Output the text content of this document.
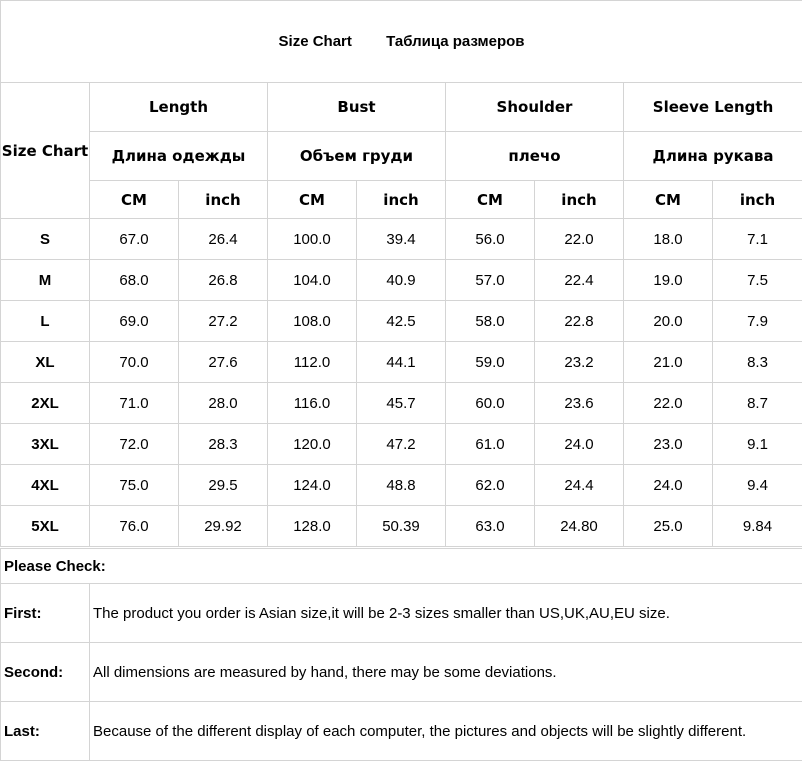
Size Chart Таблица размеров								
Size Chart	Length		Bust		Shoulder		Sleeve Length	
	Длина одежды		Объем груди		плечо		Длина рукава	
	CM	inch	CM	inch	CM	inch	CM	inch
S	67.0	26.4	100.0	39.4	56.0	22.0	18.0	7.1
M	68.0	26.8	104.0	40.9	57.0	22.4	19.0	7.5
L	69.0	27.2	108.0	42.5	58.0	22.8	20.0	7.9
XL	70.0	27.6	112.0	44.1	59.0	23.2	21.0	8.3
2XL	71.0	28.0	116.0	45.7	60.0	23.6	22.0	8.7
3XL	72.0	28.3	120.0	47.2	61.0	24.0	23.0	9.1
4XL	75.0	29.5	124.0	48.8	62.0	24.4	24.0	9.4
5XL	76.0	29.92	128.0	50.39	63.0	24.80	25.0	9.84
Please Check:	
First:	The product you order is Asian size,it will be 2-3 sizes smaller than US,UK,AU,EU size.
Second:	All dimensions are measured by hand, there may be some deviations.
Last:	Because of the different display of each computer, the pictures and objects will be slightly different.
